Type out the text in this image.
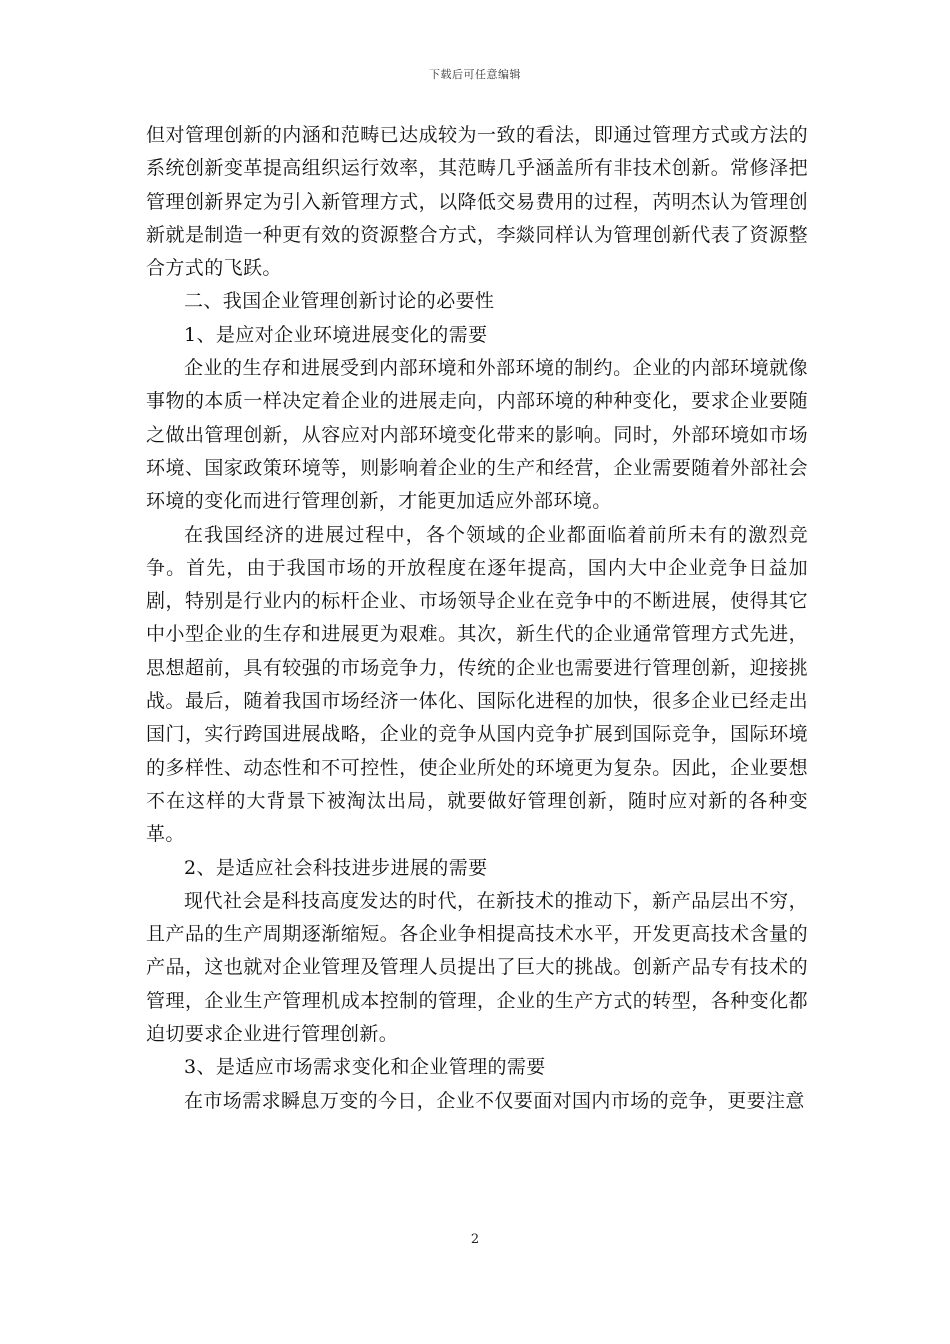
下载后可任意编辑

但对管理创新的内涵和范畴已达成较为一致的看法，即通过管理方式或方法的系统创新变革提高组织运行效率，其范畴几乎涵盖所有非技术创新。常修泽把管理创新界定为引入新管理方式，以降低交易费用的过程，芮明杰认为管理创新就是制造一种更有效的资源整合方式，李燚同样认为管理创新代表了资源整合方式的飞跃。

二、我国企业管理创新讨论的必要性

1、是应对企业环境进展变化的需要

企业的生存和进展受到内部环境和外部环境的制约。企业的内部环境就像事物的本质一样决定着企业的进展走向，内部环境的种种变化，要求企业要随之做出管理创新，从容应对内部环境变化带来的影响。同时，外部环境如市场环境、国家政策环境等，则影响着企业的生产和经营，企业需要随着外部社会环境的变化而进行管理创新，才能更加适应外部环境。

在我国经济的进展过程中，各个领域的企业都面临着前所未有的激烈竞争。首先，由于我国市场的开放程度在逐年提高，国内大中企业竞争日益加剧，特别是行业内的标杆企业、市场领导企业在竞争中的不断进展，使得其它中小型企业的生存和进展更为艰难。其次，新生代的企业通常管理方式先进，思想超前，具有较强的市场竞争力，传统的企业也需要进行管理创新，迎接挑战。最后，随着我国市场经济一体化、国际化进程的加快，很多企业已经走出国门，实行跨国进展战略，企业的竞争从国内竞争扩展到国际竞争，国际环境的多样性、动态性和不可控性，使企业所处的环境更为复杂。因此，企业要想不在这样的大背景下被淘汰出局，就要做好管理创新，随时应对新的各种变革。

2、是适应社会科技进步进展的需要

现代社会是科技高度发达的时代，在新技术的推动下，新产品层出不穷，且产品的生产周期逐渐缩短。各企业争相提高技术水平，开发更高技术含量的产品，这也就对企业管理及管理人员提出了巨大的挑战。创新产品专有技术的管理，企业生产管理机成本控制的管理，企业的生产方式的转型，各种变化都迫切要求企业进行管理创新。

3、是适应市场需求变化和企业管理的需要

在市场需求瞬息万变的今日，企业不仅要面对国内市场的竞争，更要注意

2
